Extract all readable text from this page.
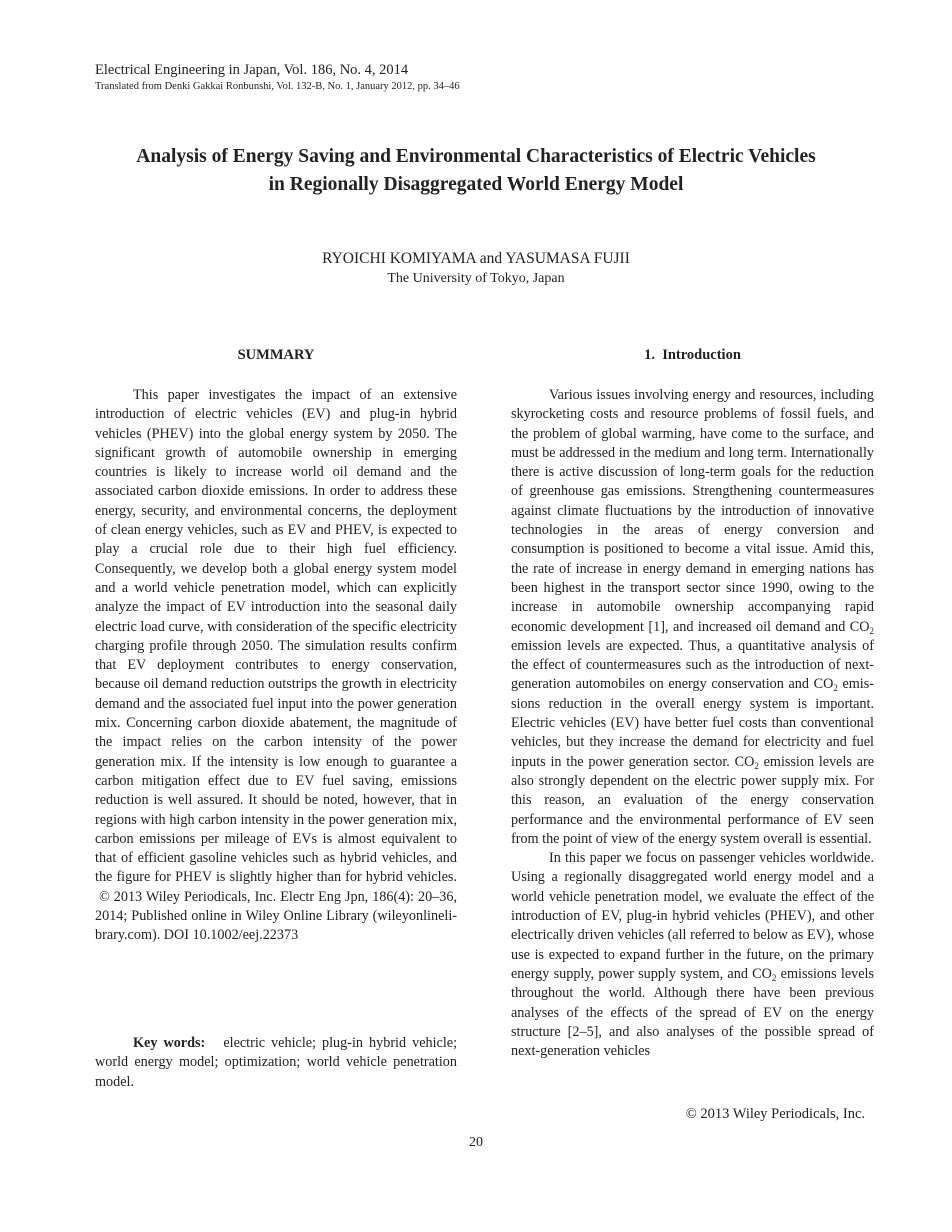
Electrical Engineering in Japan, Vol. 186, No. 4, 2014
Translated from Denki Gakkai Ronbunshi, Vol. 132-B, No. 1, January 2012, pp. 34–46
Analysis of Energy Saving and Environmental Characteristics of Electric Vehicles
in Regionally Disaggregated World Energy Model
RYOICHI KOMIYAMA and YASUMASA FUJII
The University of Tokyo, Japan
SUMMARY

This paper investigates the impact of an extensive introduction of electric vehicles (EV) and plug-in hybrid vehicles (PHEV) into the global energy system by 2050. The significant growth of automobile ownership in emerging countries is likely to increase world oil demand and the associated carbon dioxide emissions. In order to address these energy, security, and environmental concerns, the deployment of clean energy vehicles, such as EV and PHEV, is expected to play a crucial role due to their high fuel efficiency. Consequently, we develop both a global energy system model and a world vehicle penetration model, which can explicitly analyze the impact of EV introduction into the seasonal daily electric load curve, with consideration of the specific electricity charging profile through 2050. The simulation results confirm that EV deployment contributes to energy conservation, because oil demand reduction outstrips the growth in electricity demand and the associated fuel input into the power generation mix. Concerning carbon dioxide abatement, the magnitude of the impact relies on the carbon intensity of the power generation mix. If the intensity is low enough to guarantee a carbon mitigation effect due to EV fuel saving, emissions reduction is well assured. It should be noted, however, that in regions with high carbon intensity in the power generation mix, carbon emissions per mileage of EVs is almost equivalent to that of efficient gasoline vehicles such as hybrid vehicles, and the figure for PHEV is slightly higher than for hybrid vehicles.  © 2013 Wiley Periodicals, Inc. Electr Eng Jpn, 186(4): 20–36, 2014; Published online in Wiley Online Library (wileyonlinelibrary.com). DOI 10.1002/eej.22373

Key words: electric vehicle; plug-in hybrid vehicle; world energy model; optimization; world vehicle penetration model.

1.  Introduction

Various issues involving energy and resources, including skyrocketing costs and resource problems of fossil fuels, and the problem of global warming, have come to the surface, and must be addressed in the medium and long term. Internationally there is active discussion of long-term goals for the reduction of greenhouse gas emissions. Strengthening countermeasures against climate fluctuations by the introduction of innovative technologies in the areas of energy conversion and consumption is positioned to become a vital issue. Amid this, the rate of increase in energy demand in emerging nations has been highest in the transport sector since 1990, owing to the increase in automobile ownership accompanying rapid economic development [1], and increased oil demand and $CO_2$ emission levels are expected. Thus, a quantitative analysis of the effect of countermeasures such as the introduction of next-generation automobiles on energy conservation and $CO_2$ emissions reduction in the overall energy system is important. Electric vehicles (EV) have better fuel costs than conventional vehicles, but they increase the demand for electricity and fuel inputs in the power generation sector. $CO_2$ emission levels are also strongly dependent on the electric power supply mix. For this reason, an evaluation of the energy conservation performance and the environmental performance of EV seen from the point of view of the energy system overall is essential.

In this paper we focus on passenger vehicles worldwide. Using a regionally disaggregated world energy model and a world vehicle penetration model, we evaluate the effect of the introduction of EV, plug-in hybrid vehicles (PHEV), and other electrically driven vehicles (all referred to below as EV), whose use is expected to expand further in the future, on the primary energy supply, power supply system, and $CO_2$ emissions levels throughout the world. Although there have been previous analyses of the effects of the spread of EV on the energy structure [2–5], and also analyses of the possible spread of next-generation vehicles

© 2013 Wiley Periodicals, Inc.
20
